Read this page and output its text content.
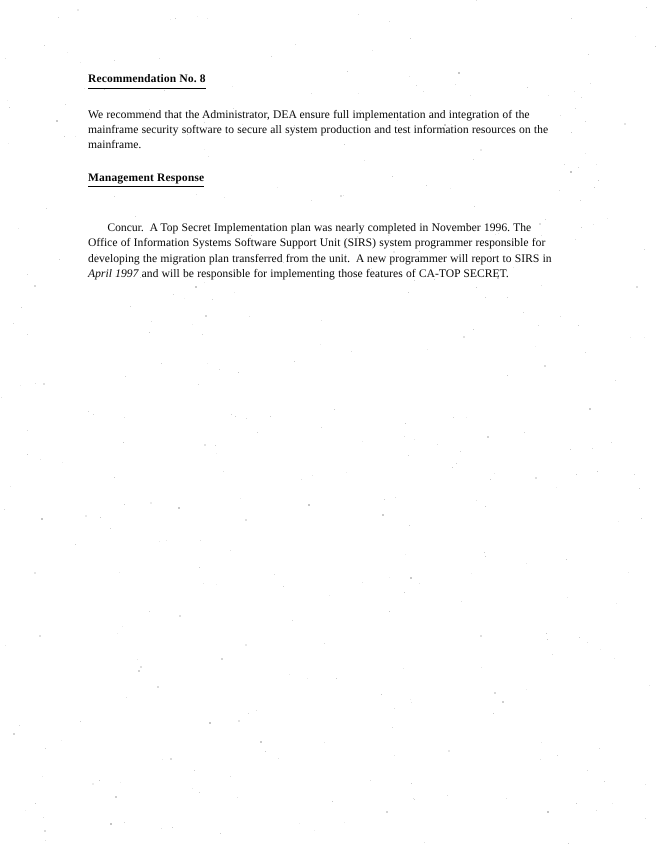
Recommendation No. 8
We recommend that the Administrator, DEA ensure full implementation and integration of the mainframe security software to secure all system production and test information resources on the mainframe.
Management Response

Concur.  A Top Secret Implementation plan was nearly completed in November 1996. The Office of Information Systems Software Support Unit (SIRS) system programmer responsible for developing the migration plan transferred from the unit.  A new programmer will report to SIRS in April 1997 and will be responsible for implementing those features of CA-TOP SECRET.
